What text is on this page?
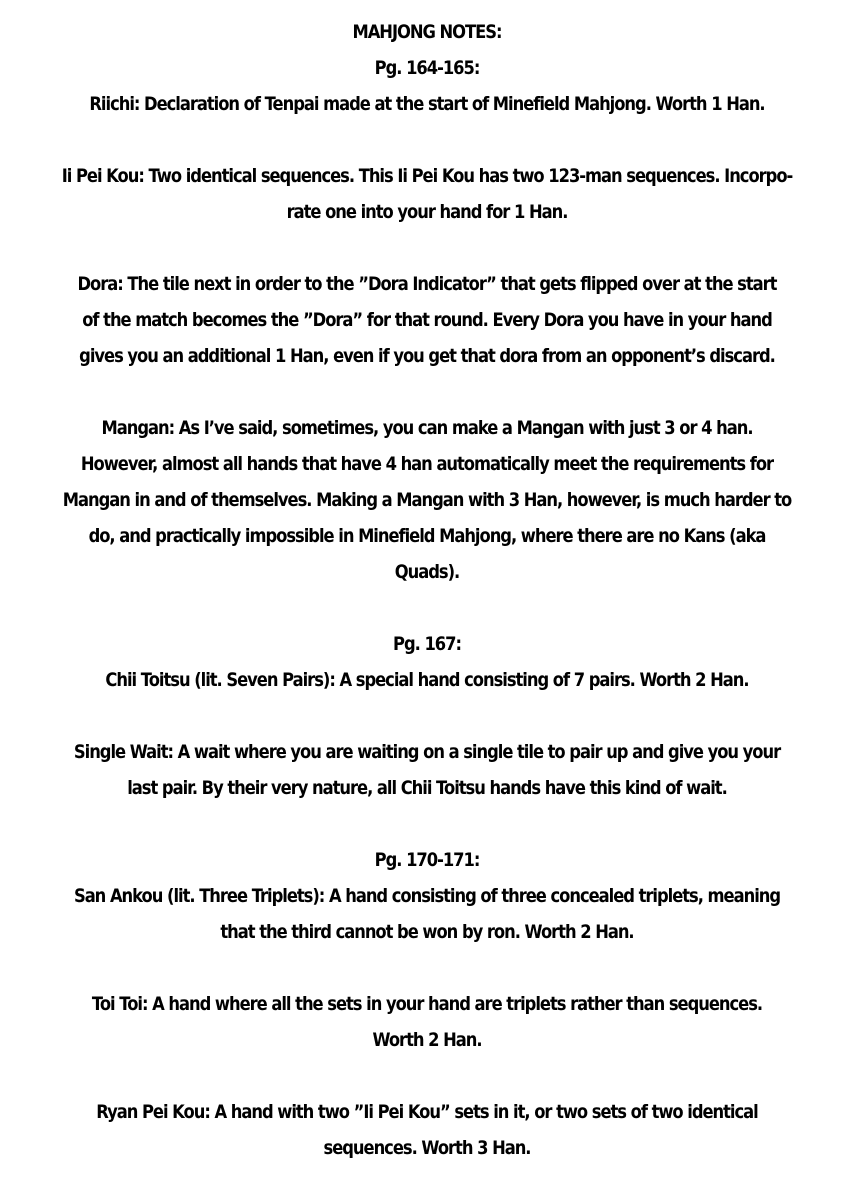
MAHJONG NOTES:
Pg. 164-165:
Riichi: Declaration of Tenpai made at the start of Minefield Mahjong. Worth 1 Han.
Ii Pei Kou: Two identical sequences. This Ii Pei Kou has two 123-man sequences. Incorpo-
rate one into your hand for 1 Han.
Dora: The tile next in order to the ”Dora Indicator” that gets flipped over at the start
of the match becomes the ”Dora” for that round. Every Dora you have in your hand
gives you an additional 1 Han, even if you get that dora from an opponent’s discard.
Mangan: As I’ve said, sometimes, you can make a Mangan with just 3 or 4 han.
However, almost all hands that have 4 han automatically meet the requirements for
Mangan in and of themselves. Making a Mangan with 3 Han, however, is much harder to
do, and practically impossible in Minefield Mahjong, where there are no Kans (aka
Quads).
Pg. 167:
Chii Toitsu (lit. Seven Pairs): A special hand consisting of 7 pairs. Worth 2 Han.
Single Wait: A wait where you are waiting on a single tile to pair up and give you your
last pair. By their very nature, all Chii Toitsu hands have this kind of wait.
Pg. 170-171:
San Ankou (lit. Three Triplets): A hand consisting of three concealed triplets, meaning
that the third cannot be won by ron. Worth 2 Han.
Toi Toi: A hand where all the sets in your hand are triplets rather than sequences.
Worth 2 Han.
Ryan Pei Kou: A hand with two ”Ii Pei Kou” sets in it, or two sets of two identical
sequences. Worth 3 Han.
